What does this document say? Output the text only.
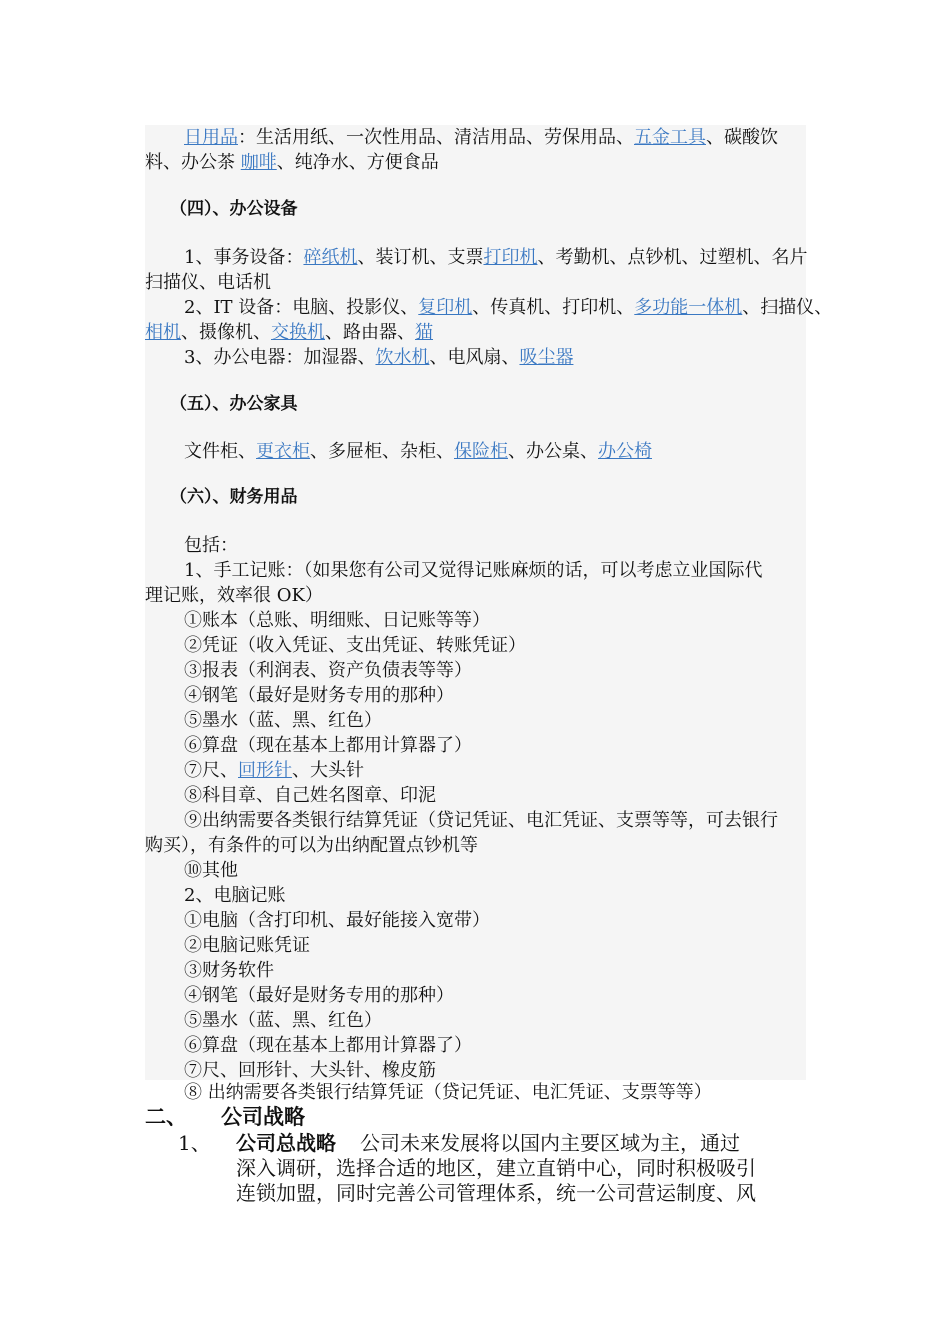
日用品：生活用纸、一次性用品、清洁用品、劳保用品、五金工具、碳酸饮
料、办公茶 咖啡、纯净水、方便食品
（四）、办公设备
1、事务设备：碎纸机、装订机、支票打印机、考勤机、点钞机、过塑机、名片
扫描仪、电话机
2、IT 设备：电脑、投影仪、复印机、传真机、打印机、多功能一体机、扫描仪、
相机、摄像机、交换机、路由器、猫
3、办公电器：加湿器、饮水机、电风扇、吸尘器
（五）、办公家具
文件柜、更衣柜、多屉柜、杂柜、保险柜、办公桌、办公椅
（六）、财务用品
包括：
1、手工记账：（如果您有公司又觉得记账麻烦的话，可以考虑立业国际代
理记账，效率很 OK）
①账本（总账、明细账、日记账等等）
②凭证（收入凭证、支出凭证、转账凭证）
③报表（利润表、资产负债表等等）
④钢笔（最好是财务专用的那种）
⑤墨水（蓝、黑、红色）
⑥算盘（现在基本上都用计算器了）
⑦尺、回形针、大头针
⑧科目章、自己姓名图章、印泥
⑨出纳需要各类银行结算凭证（贷记凭证、电汇凭证、支票等等，可去银行
购买），有条件的可以为出纳配置点钞机等
⑩其他
2、电脑记账
①电脑（含打印机、最好能接入宽带）
②电脑记账凭证
③财务软件
④钢笔（最好是财务专用的那种）
⑤墨水（蓝、黑、红色）
⑥算盘（现在基本上都用计算器了）
⑦尺、回形针、大头针、橡皮筋
⑧ 出纳需要各类银行结算凭证（贷记凭证、电汇凭证、支票等等）
二、 公司战略
1、 公司总战略 公司未来发展将以国内主要区域为主，通过
深入调研，选择合适的地区，建立直销中心，同时积极吸引
连锁加盟，同时完善公司管理体系，统一公司营运制度、风
